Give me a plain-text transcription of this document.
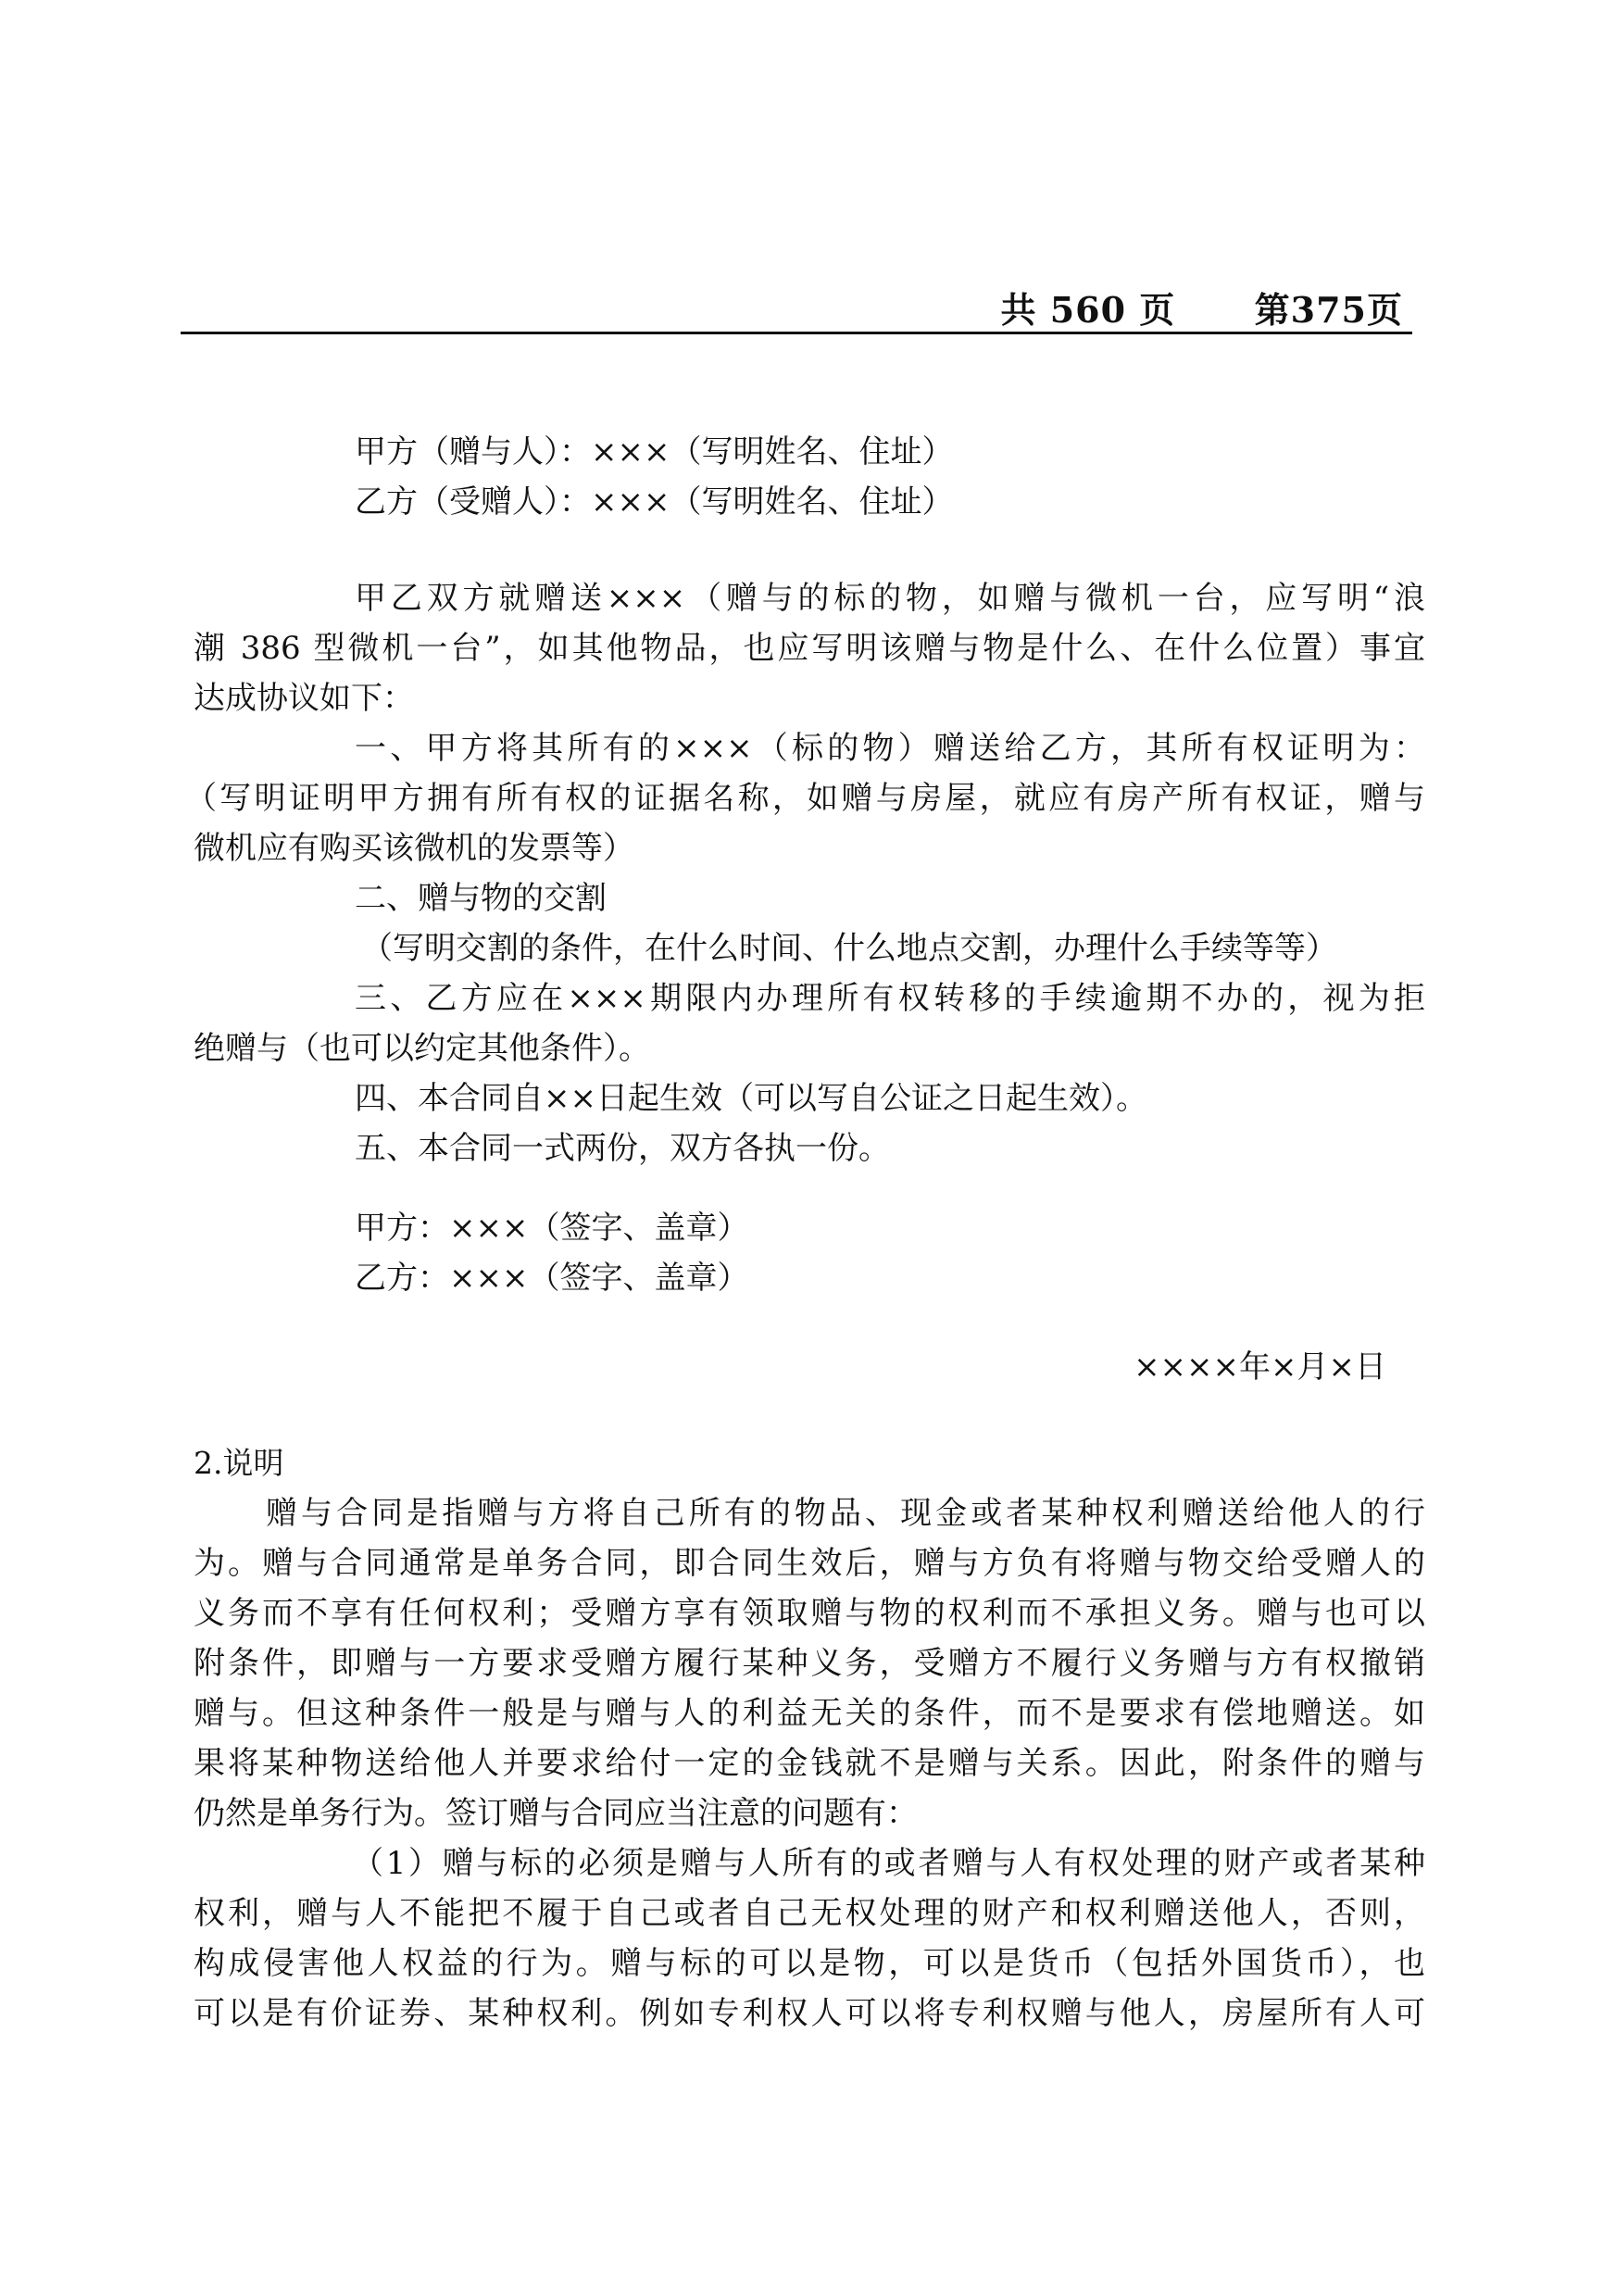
共 560 页 第375页
甲方（赠与人）：×××（写明姓名、住址）
乙方（受赠人）：×××（写明姓名、住址）
甲乙双方就赠送×××（赠与的标的物，如赠与微机一台，应写明“浪
潮 386 型微机一台”，如其他物品，也应写明该赠与物是什么、在什么位置）事宜
达成协议如下：
一、甲方将其所有的×××（标的物）赠送给乙方，其所有权证明为：
（写明证明甲方拥有所有权的证据名称，如赠与房屋，就应有房产所有权证，赠与
微机应有购买该微机的发票等）
二、赠与物的交割
（写明交割的条件，在什么时间、什么地点交割，办理什么手续等等）
三、乙方应在×××期限内办理所有权转移的手续逾期不办的，视为拒
绝赠与（也可以约定其他条件）。
四、本合同自××日起生效（可以写自公证之日起生效）。
五、本合同一式两份，双方各执一份。
甲方：×××（签字、盖章）
乙方：×××（签字、盖章）
××××年×月×日
2.说明
赠与合同是指赠与方将自己所有的物品、现金或者某种权利赠送给他人的行
为。赠与合同通常是单务合同，即合同生效后，赠与方负有将赠与物交给受赠人的
义务而不享有任何权利；受赠方享有领取赠与物的权利而不承担义务。赠与也可以
附条件，即赠与一方要求受赠方履行某种义务，受赠方不履行义务赠与方有权撤销
赠与。但这种条件一般是与赠与人的利益无关的条件，而不是要求有偿地赠送。如
果将某种物送给他人并要求给付一定的金钱就不是赠与关系。因此，附条件的赠与
仍然是单务行为。签订赠与合同应当注意的问题有：
（1）赠与标的必须是赠与人所有的或者赠与人有权处理的财产或者某种
权利，赠与人不能把不履于自己或者自己无权处理的财产和权利赠送他人，否则，
构成侵害他人权益的行为。赠与标的可以是物，可以是货币（包括外国货币），也
可以是有价证券、某种权利。例如专利权人可以将专利权赠与他人，房屋所有人可
